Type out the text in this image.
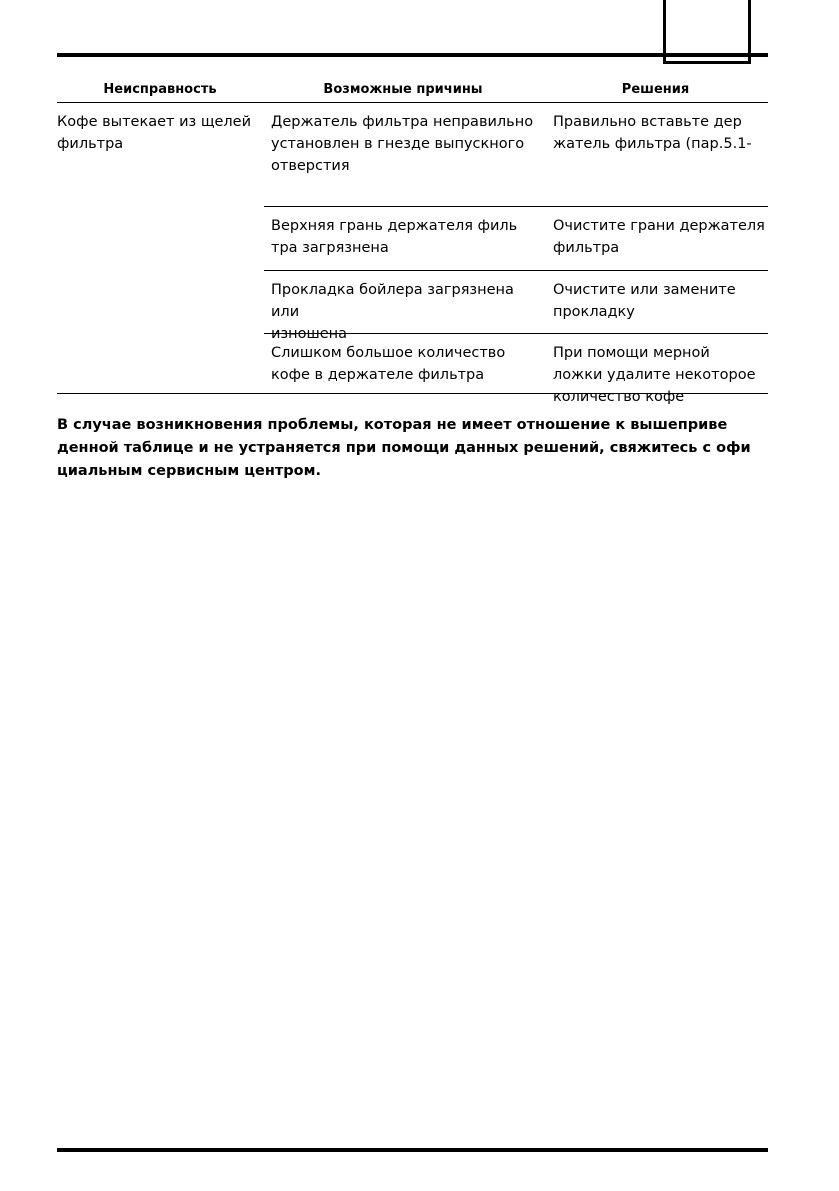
Неисправность	Возможные причины	Решения
Кофе вытекает из щелей
фильтра
Держатель фильтра неправильно
установлен в гнезде выпускного
отверстия
Правильно вставьте дер
жатель фильтра (пар.5.1-
Верхняя грань держателя филь
тра загрязнена
Очистите грани держателя
фильтра
Прокладка бойлера загрязнена или
изношена
Очистите или замените
прокладку
Слишком большое количество
кофе в держателе фильтра
При помощи мерной
ложки удалите некоторое
количество кофе
В случае возникновения проблемы, которая не имеет отношение к вышеприве
денной таблице и не устраняется при помощи данных решений, свяжитесь с офи
циальным сервисным центром.
